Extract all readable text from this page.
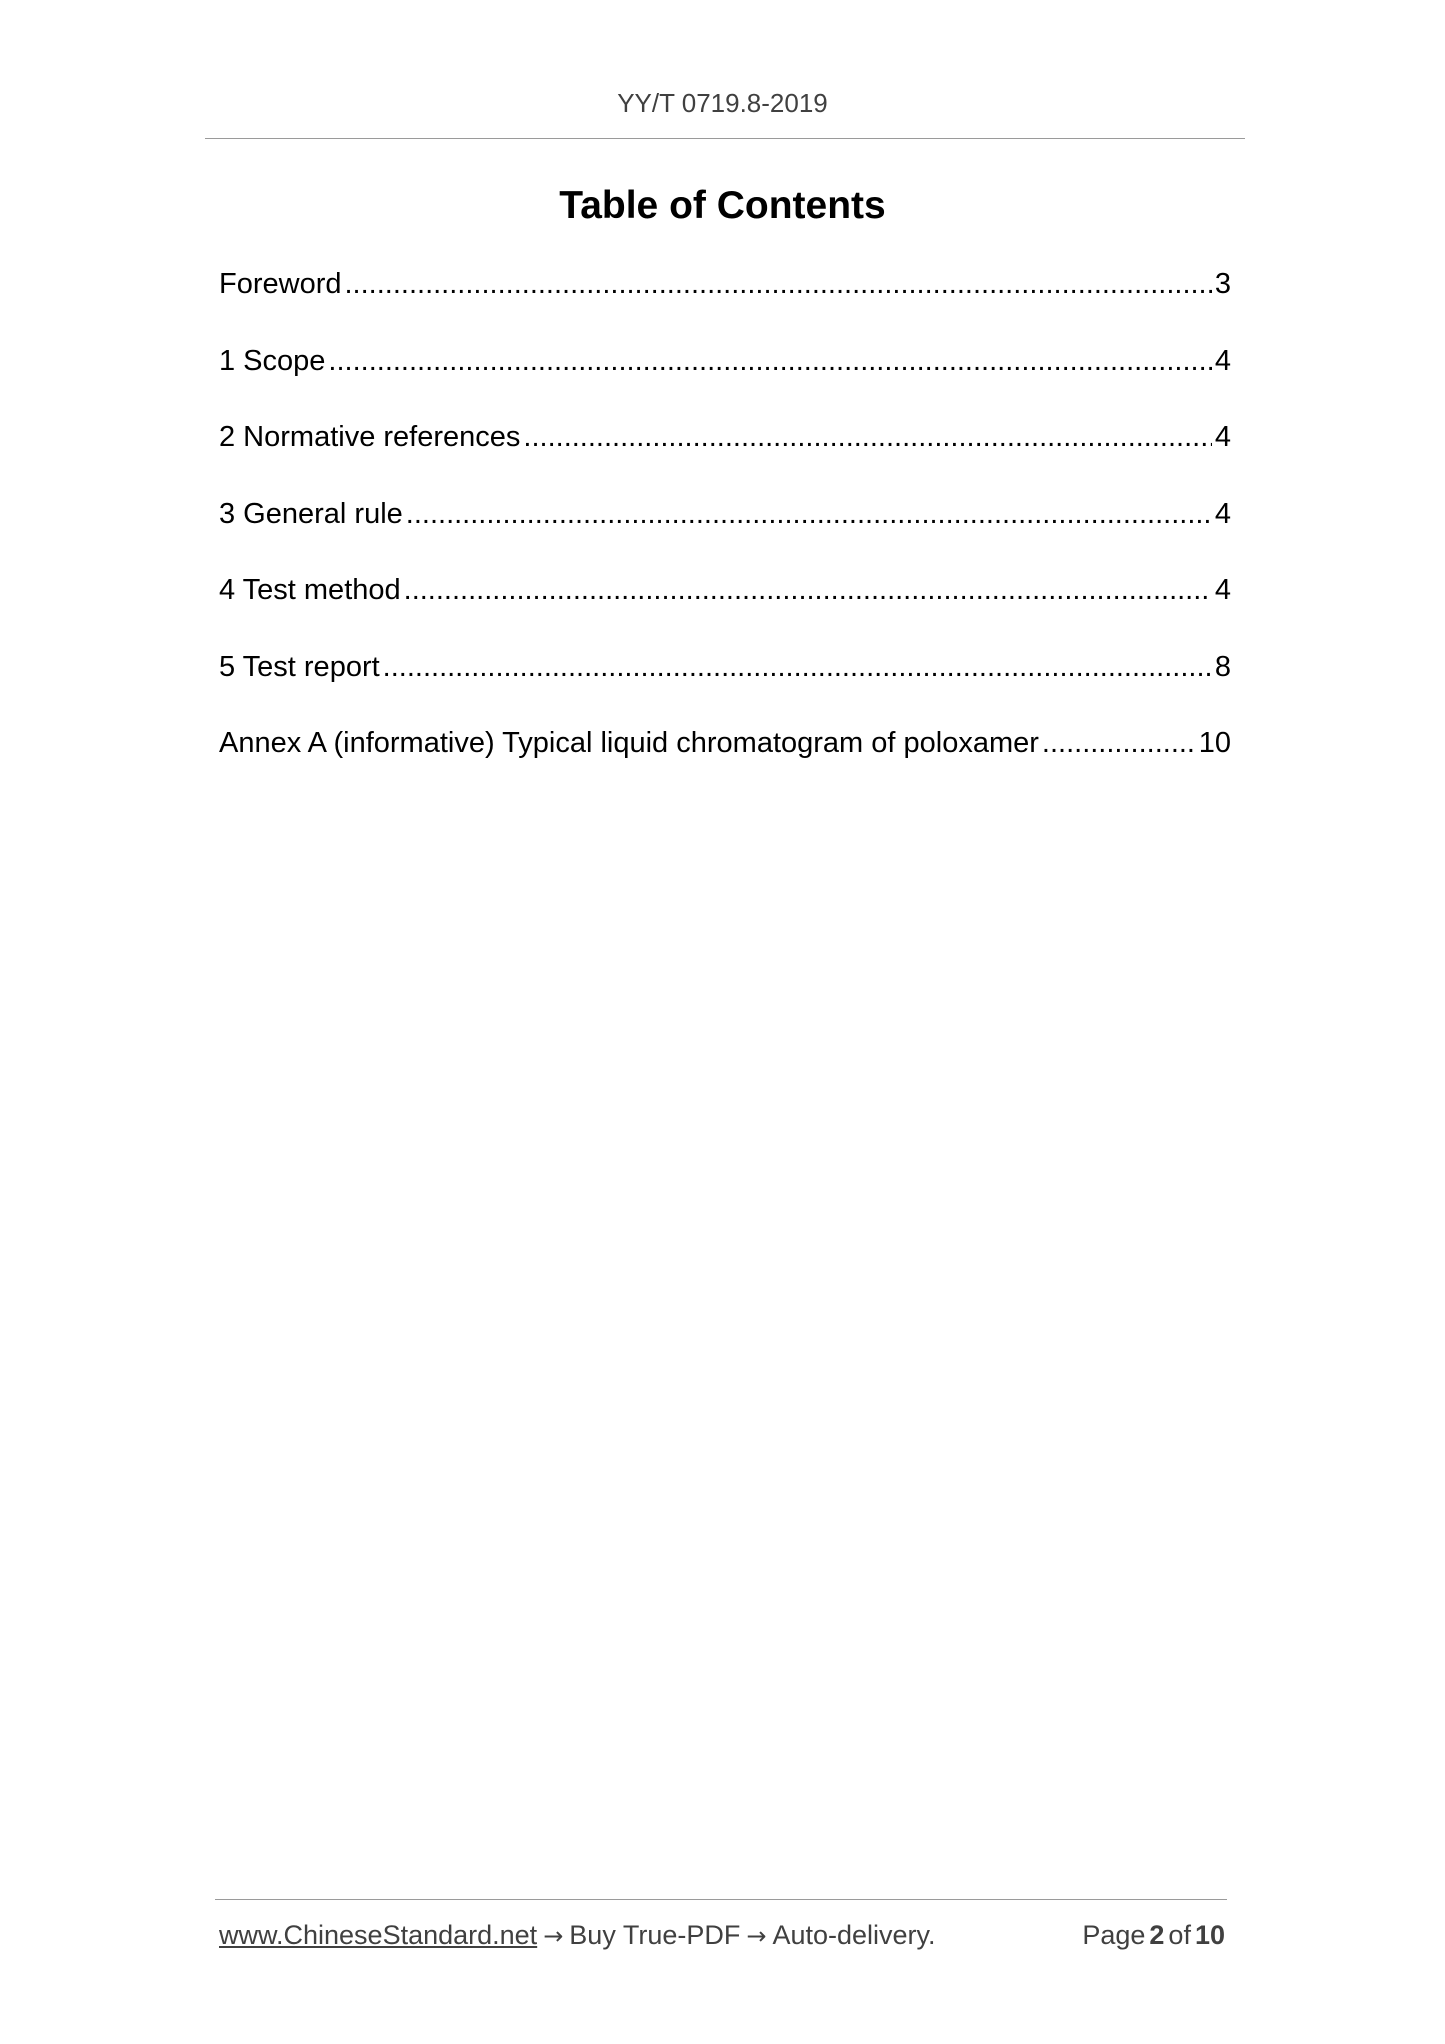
YY/T 0719.8-2019
Table of Contents
Foreword .....	3
1 Scope .....	4
2 Normative references .....	4
3 General rule .....	4
4 Test method .....	4
5 Test report .....	8
Annex A (informative) Typical liquid chromatogram of poloxamer .....	10
www.ChineseStandard.net → Buy True-PDF → Auto-delivery.	Page 2 of 10
